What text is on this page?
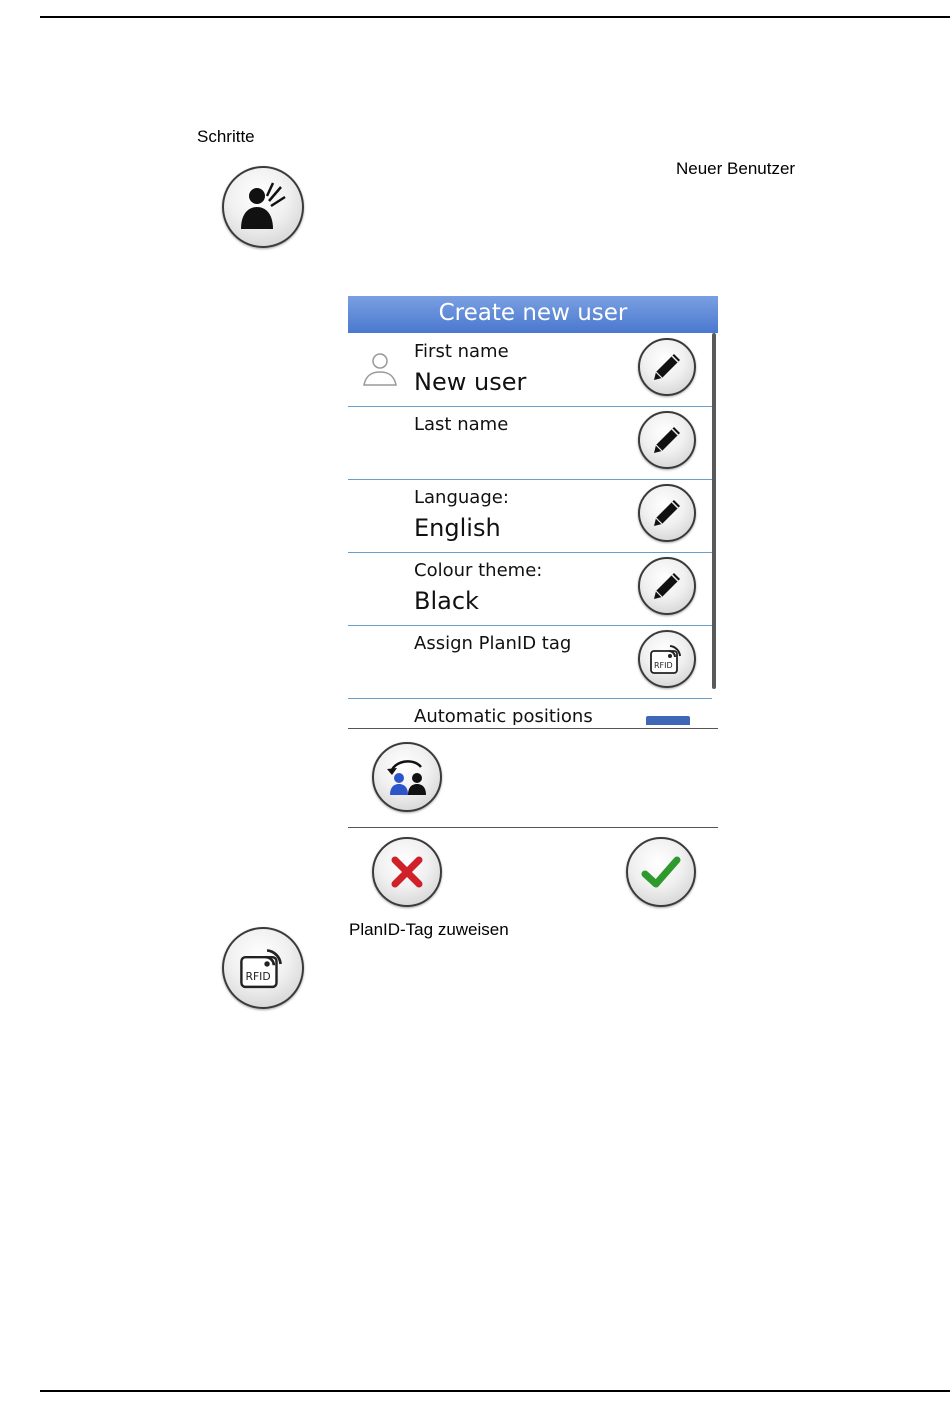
Schritte
Neuer Benutzer
Create new user
First name
New user
Last name
Language:
English
Colour theme:
Black
Assign PlanID tag
RFID
Automatic positions
RFID
PlanID-Tag zuweisen
